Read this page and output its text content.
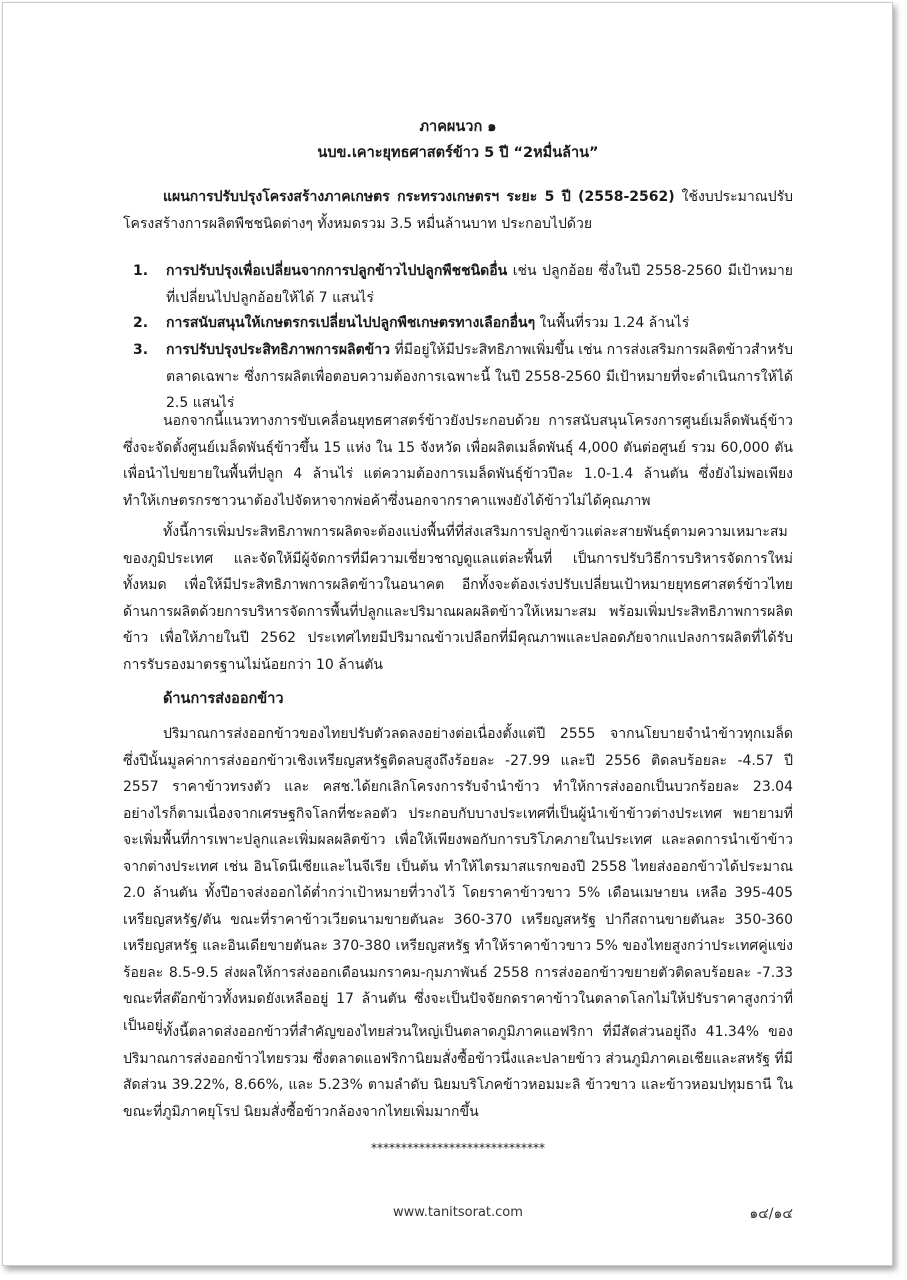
ภาคผนวก ๑
นบข.เคาะยุทธศาสตร์ข้าว 5 ปี “2หมื่นล้าน”
แผนการปรับปรุงโครงสร้างภาคเกษตร กระทรวงเกษตรฯ ระยะ 5 ปี (2558-2562) ใช้งบประมาณปรับโครงสร้างการผลิตพืชชนิดต่างๆ ทั้งหมดรวม 3.5 หมื่นล้านบาท ประกอบไปด้วย
1. การปรับปรุงเพื่อเปลี่ยนจากการปลูกข้าวไปปลูกพืชชนิดอื่น เช่น ปลูกอ้อย ซึ่งในปี 2558-2560 มีเป้าหมายที่เปลี่ยนไปปลูกอ้อยให้ได้ 7 แสนไร่
2. การสนับสนุนให้เกษตรกรเปลี่ยนไปปลูกพืชเกษตรทางเลือกอื่นๆ ในพื้นที่รวม 1.24 ล้านไร่
3. การปรับปรุงประสิทธิภาพการผลิตข้าว ที่มีอยู่ให้มีประสิทธิภาพเพิ่มขึ้น เช่น การส่งเสริมการผลิตข้าวสำหรับตลาดเฉพาะ ซึ่งการผลิตเพื่อตอบความต้องการเฉพาะนี้ ในปี 2558-2560 มีเป้าหมายที่จะดำเนินการให้ได้ 2.5 แสนไร่
นอกจากนี้แนวทางการขับเคลื่อนยุทธศาสตร์ข้าวยังประกอบด้วย การสนับสนุนโครงการศูนย์เมล็ดพันธุ์ข้าว ซึ่งจะจัดตั้งศูนย์เมล็ดพันธุ์ข้าวขึ้น 15 แห่ง ใน 15 จังหวัด เพื่อผลิตเมล็ดพันธุ์ 4,000 ตันต่อศูนย์ รวม 60,000 ตัน เพื่อนำไปขยายในพื้นที่ปลูก 4 ล้านไร่ แต่ความต้องการเมล็ดพันธุ์ข้าวปีละ 1.0-1.4 ล้านตัน ซึ่งยังไม่พอเพียง ทำให้เกษตรกรชาวนาต้องไปจัดหาจากพ่อค้าซึ่งนอกจากราคาแพงยังได้ข้าวไม่ได้คุณภาพ
ทั้งนี้การเพิ่มประสิทธิภาพการผลิตจะต้องแบ่งพื้นที่ที่ส่งเสริมการปลูกข้าวแต่ละสายพันธุ์ตามความเหมาะสมของภูมิประเทศ และจัดให้มีผู้จัดการที่มีความเชี่ยวชาญดูแลแต่ละพื้นที่ เป็นการปรับวิธีการบริหารจัดการใหม่ทั้งหมด เพื่อให้มีประสิทธิภาพการผลิตข้าวในอนาคต อีกทั้งจะต้องเร่งปรับเปลี่ยนเป้าหมายยุทธศาสตร์ข้าวไทย ด้านการผลิตด้วยการบริหารจัดการพื้นที่ปลูกและปริมาณผลผลิตข้าวให้เหมาะสม พร้อมเพิ่มประสิทธิภาพการผลิตข้าว เพื่อให้ภายในปี 2562 ประเทศไทยมีปริมาณข้าวเปลือกที่มีคุณภาพและปลอดภัยจากแปลงการผลิตที่ได้รับการรับรองมาตรฐานไม่น้อยกว่า 10 ล้านตัน
ด้านการส่งออกข้าว
ปริมาณการส่งออกข้าวของไทยปรับตัวลดลงอย่างต่อเนื่องตั้งแต่ปี 2555 จากนโยบายจำนำข้าวทุกเมล็ด ซึ่งปีนั้นมูลค่าการส่งออกข้าวเชิงเหรียญสหรัฐติดลบสูงถึงร้อยละ -27.99 และปี 2556 ติดลบร้อยละ -4.57 ปี 2557 ราคาข้าวทรงตัว และ คสช.ได้ยกเลิกโครงการรับจำนำข้าว ทำให้การส่งออกเป็นบวกร้อยละ 23.04 อย่างไรก็ตามเนื่องจากเศรษฐกิจโลกที่ชะลอตัว ประกอบกับบางประเทศที่เป็นผู้นำเข้าข้าวต่างประเทศ พยายามที่จะเพิ่มพื้นที่การเพาะปลูกและเพิ่มผลผลิตข้าว เพื่อให้เพียงพอกับการบริโภคภายในประเทศ และลดการนำเข้าข้าวจากต่างประเทศ เช่น อินโดนีเซียและไนจีเรีย เป็นต้น ทำให้ไตรมาสแรกของปี 2558 ไทยส่งออกข้าวได้ประมาณ 2.0 ล้านตัน ทั้งปีอาจส่งออกได้ต่ำกว่าเป้าหมายที่วางไว้ โดยราคาข้าวขาว 5% เดือนเมษายน เหลือ 395-405 เหรียญสหรัฐ/ตัน ขณะที่ราคาข้าวเวียดนามขายตันละ 360-370 เหรียญสหรัฐ ปากีสถานขายตันละ 350-360 เหรียญสหรัฐ และอินเดียขายตันละ 370-380 เหรียญสหรัฐ ทำให้ราคาข้าวขาว 5% ของไทยสูงกว่าประเทศคู่แข่งร้อยละ 8.5-9.5 ส่งผลให้การส่งออกเดือนมกราคม-กุมภาพันธ์ 2558 การส่งออกข้าวขยายตัวติดลบร้อยละ -7.33 ขณะที่สต๊อกข้าวทั้งหมดยังเหลืออยู่ 17 ล้านตัน ซึ่งจะเป็นปัจจัยกดราคาข้าวในตลาดโลกไม่ให้ปรับราคาสูงกว่าที่เป็นอยู่ ทั้งนี้ตลาดส่งออกข้าวที่สำคัญของไทยส่วนใหญ่เป็นตลาดภูมิภาคแอฟริกา ที่มีสัดส่วนอยู่ถึง 41.34% ของปริมาณการส่งออกข้าวไทยรวม ซึ่งตลาดแอฟริกานิยมสั่งซื้อข้าวนึ่งและปลายข้าว ส่วนภูมิภาคเอเชียและสหรัฐ ที่มีสัดส่วน 39.22%, 8.66%, และ 5.23% ตามลำดับ นิยมบริโภคข้าวหอมมะลิ ข้าวขาว และข้าวหอมปทุมธานี ในขณะที่ภูมิภาคยุโรป นิยมสั่งซื้อข้าวกล้องจากไทยเพิ่มมากขึ้น
*****************************
www.tanitsorat.com	๑๔/๑๔
